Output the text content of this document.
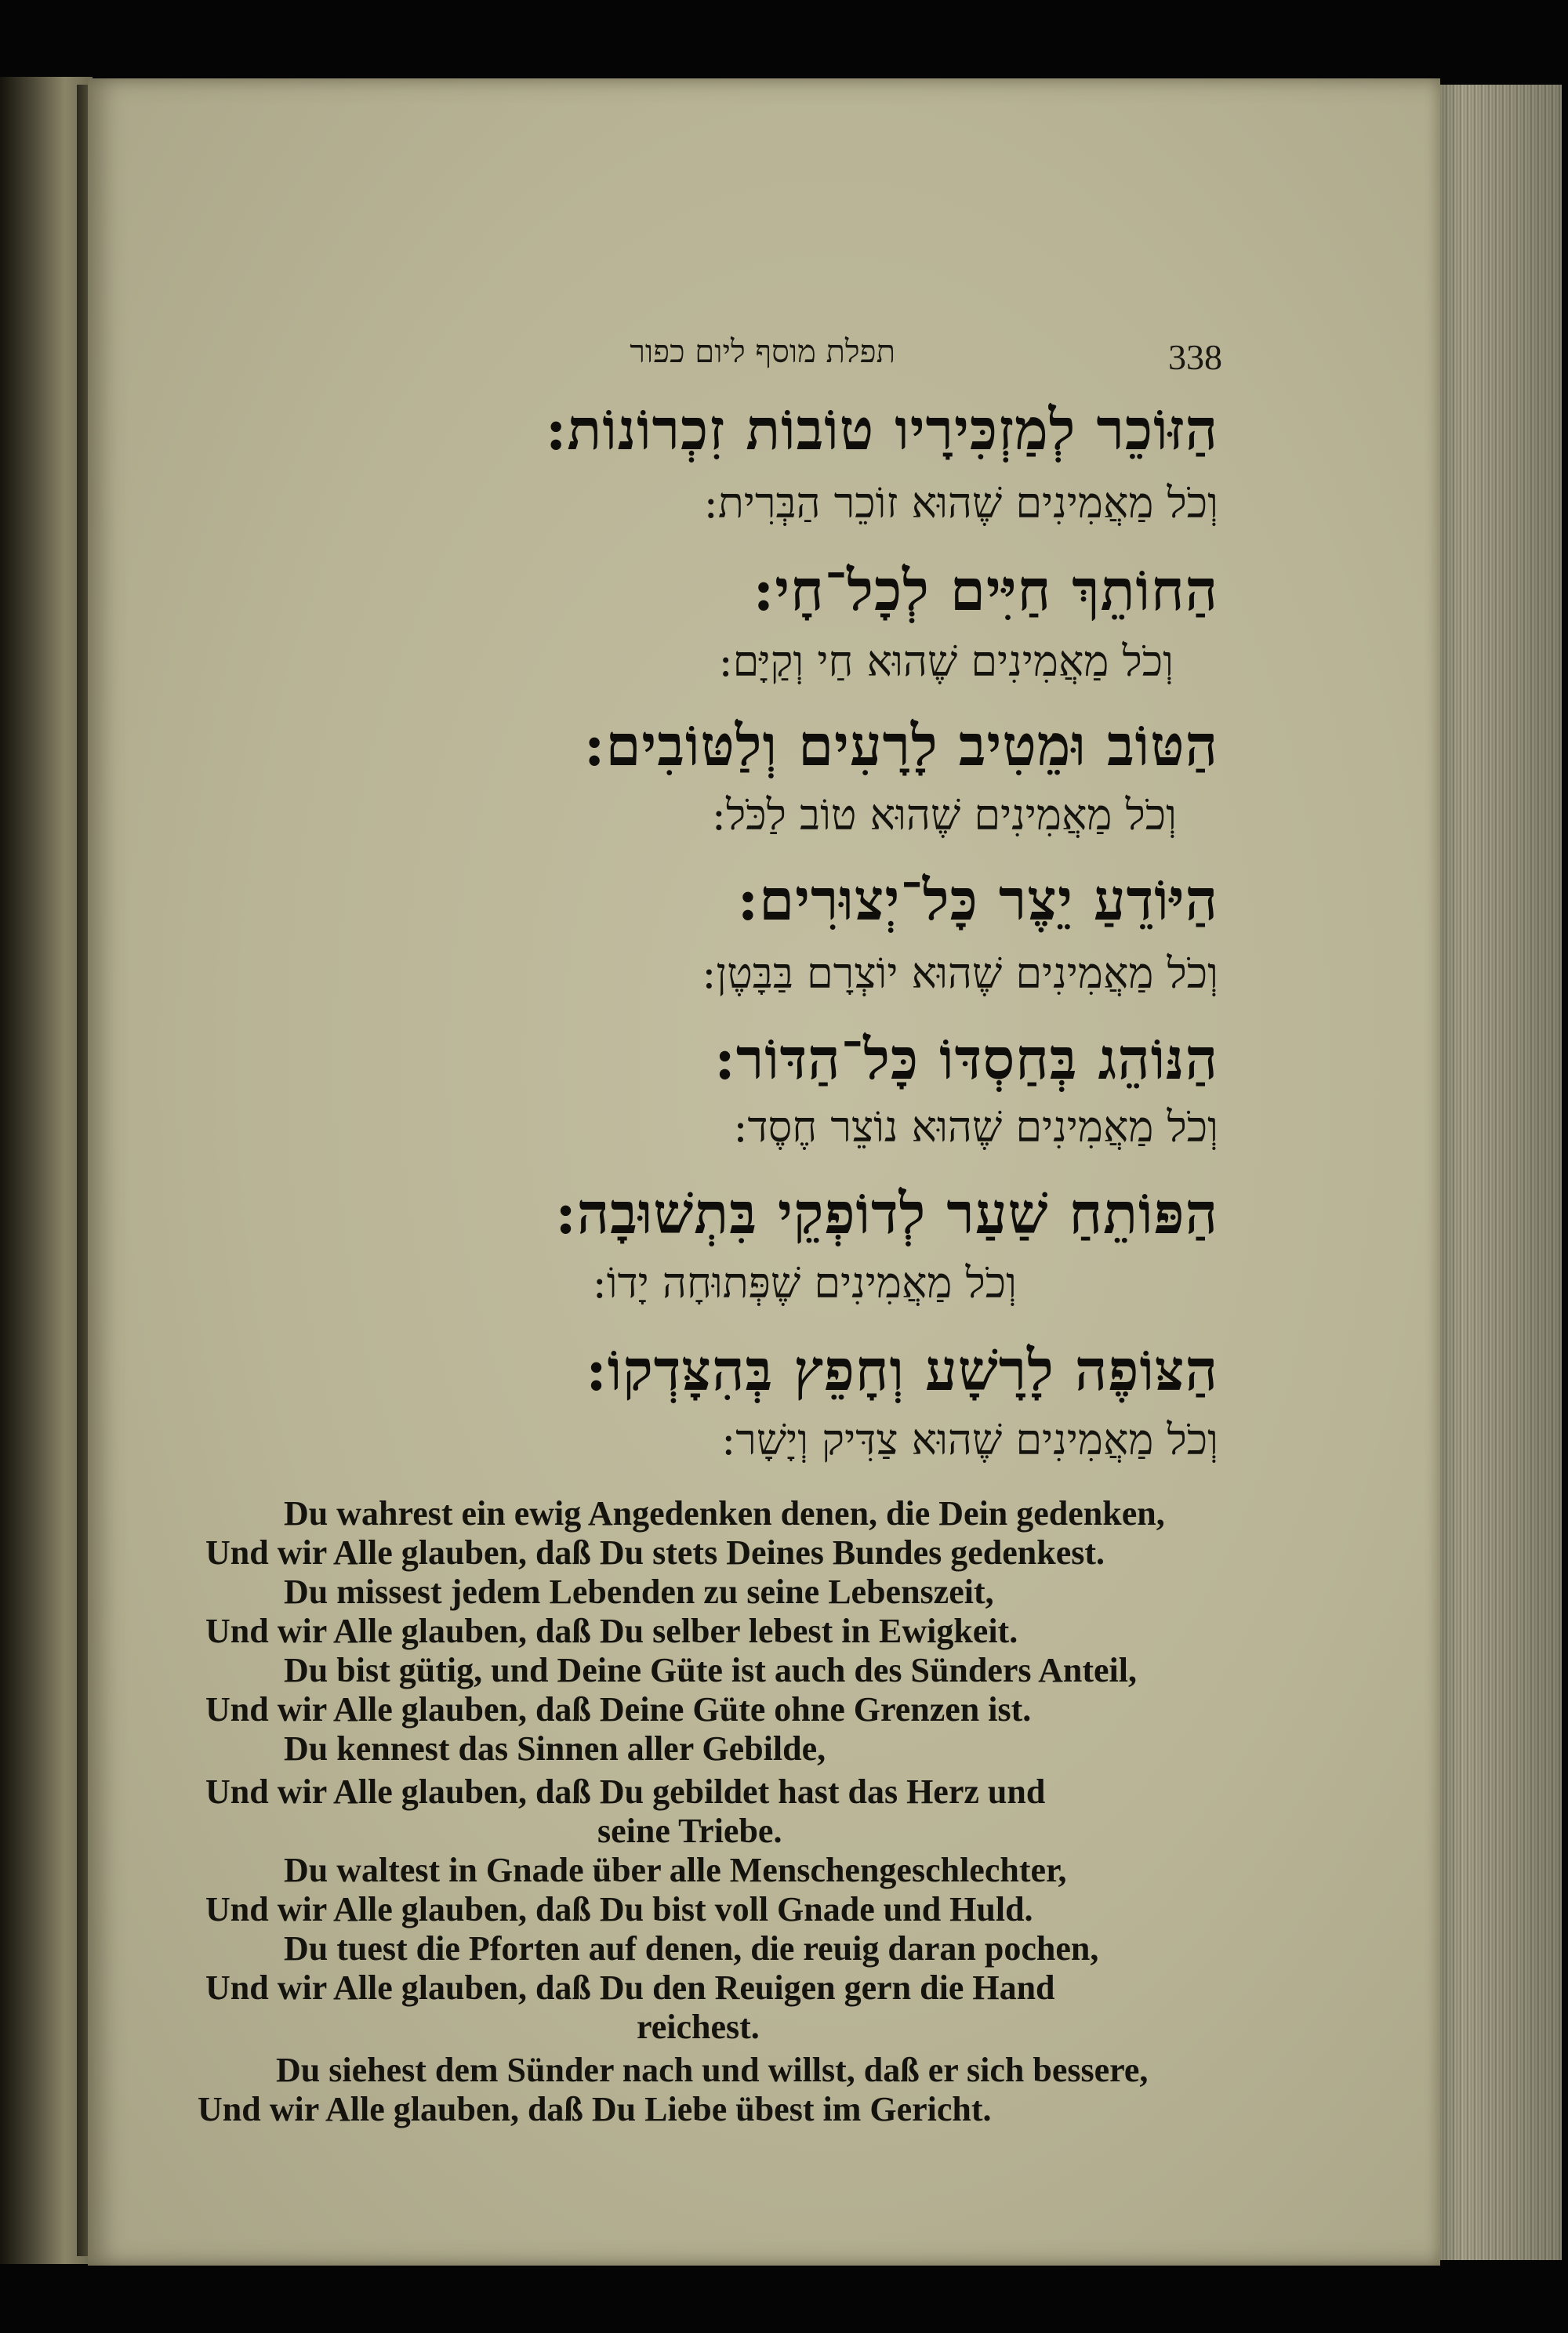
תפלת מוסף ליום כפור	338
הַזּוֹכֵר לְמַזְכִּירָיו טוֹבוֹת זִכְרוֹנוֹת:
וְכֹל מַאֲמִינִים שֶׁהוּא זוֹכֵר הַבְּרִית:
הַחוֹתֵךְ חַיִּים לְכָל־חָי:
וְכֹל מַאֲמִינִים שֶׁהוּא חַי וְקַיָּם:
הַטּוֹב וּמֵטִיב לָרָעִים וְלַטּוֹבִים:
וְכֹל מַאֲמִינִים שֶׁהוּא טוֹב לַכֹּל:
הַיּוֹדֵעַ יֵצֶר כָּל־יְצוּרִים:
וְכֹל מַאֲמִינִים שֶׁהוּא יוֹצְרָם בַּבָּטֶן:
הַנּוֹהֵג בְּחַסְדּוֹ כָּל־הַדּוֹר:
וְכֹל מַאֲמִינִים שֶׁהוּא נוֹצֵר חֶסֶד:
הַפּוֹתֵחַ שַׁעַר לְדוֹפְקֵי בִּתְשׁוּבָה:
וְכֹל מַאֲמִינִים שֶׁפְּתוּחָה יָדוֹ:
הַצּוֹפֶה לָרָשָׁע וְחָפֵץ בְּהִצָּדְקוֹ:
וְכֹל מַאֲמִינִים שֶׁהוּא צַדִּיק וְיָשָׁר:
Du wahrest ein ewig Angedenken denen, die Dein gedenken,
Und wir Alle glauben, daß Du stets Deines Bundes gedenkest.
Du missest jedem Lebenden zu seine Lebenszeit,
Und wir Alle glauben, daß Du selber lebest in Ewigkeit.
Du bist gütig, und Deine Güte ist auch des Sünders Anteil,
Und wir Alle glauben, daß Deine Güte ohne Grenzen ist.
Du kennest das Sinnen aller Gebilde,
Und wir Alle glauben, daß Du gebildet hast das Herz und
seine Triebe.
Du waltest in Gnade über alle Menschengeschlechter,
Und wir Alle glauben, daß Du bist voll Gnade und Huld.
Du tuest die Pforten auf denen, die reuig daran pochen,
Und wir Alle glauben, daß Du den Reuigen gern die Hand
reichest.
Du siehest dem Sünder nach und willst, daß er sich bessere,
Und wir Alle glauben, daß Du Liebe übest im Gericht.
